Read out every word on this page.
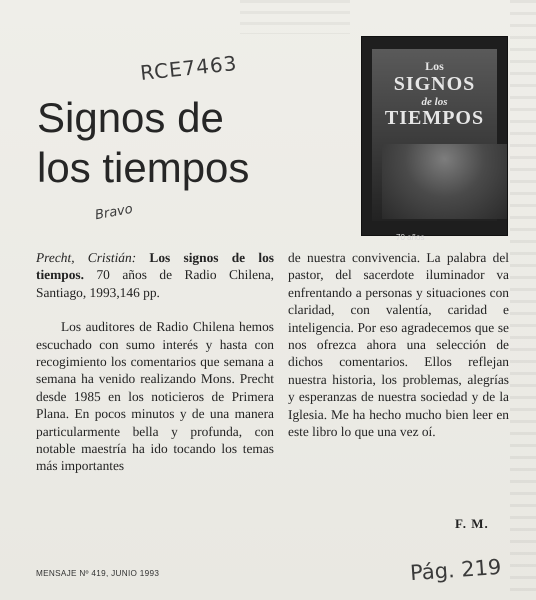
RCE7463
Signos de
los tiempos
Bravo
Los
SIGNOS
de los
TIEMPOS
70 años

Precht, Cristián: Los signos de los tiempos. 70 años de Radio Chilena, Santiago, 1993,146 pp.

Los auditores de Radio Chilena hemos escuchado con sumo interés y hasta con recogimiento los comentarios que semana a semana ha venido realizando Mons. Precht desde 1985 en los noticieros de Primera Plana. En pocos minutos y de una manera particularmente bella y profunda, con notable maestría ha ido tocando los temas más importantes

de nuestra convivencia. La palabra del pastor, del sacerdote iluminador va enfrentando a personas y situaciones con claridad, con valentía, caridad e inteligencia. Por eso agradecemos que se nos ofrezca ahora una selección de dichos comentarios. Ellos reflejan nuestra historia, los problemas, alegrías y esperanzas de nuestra sociedad y de la Iglesia. Me ha hecho mucho bien leer en este libro lo que una vez oí.

F. M.
MENSAJE Nº 419, JUNIO 1993	Pág. 219
